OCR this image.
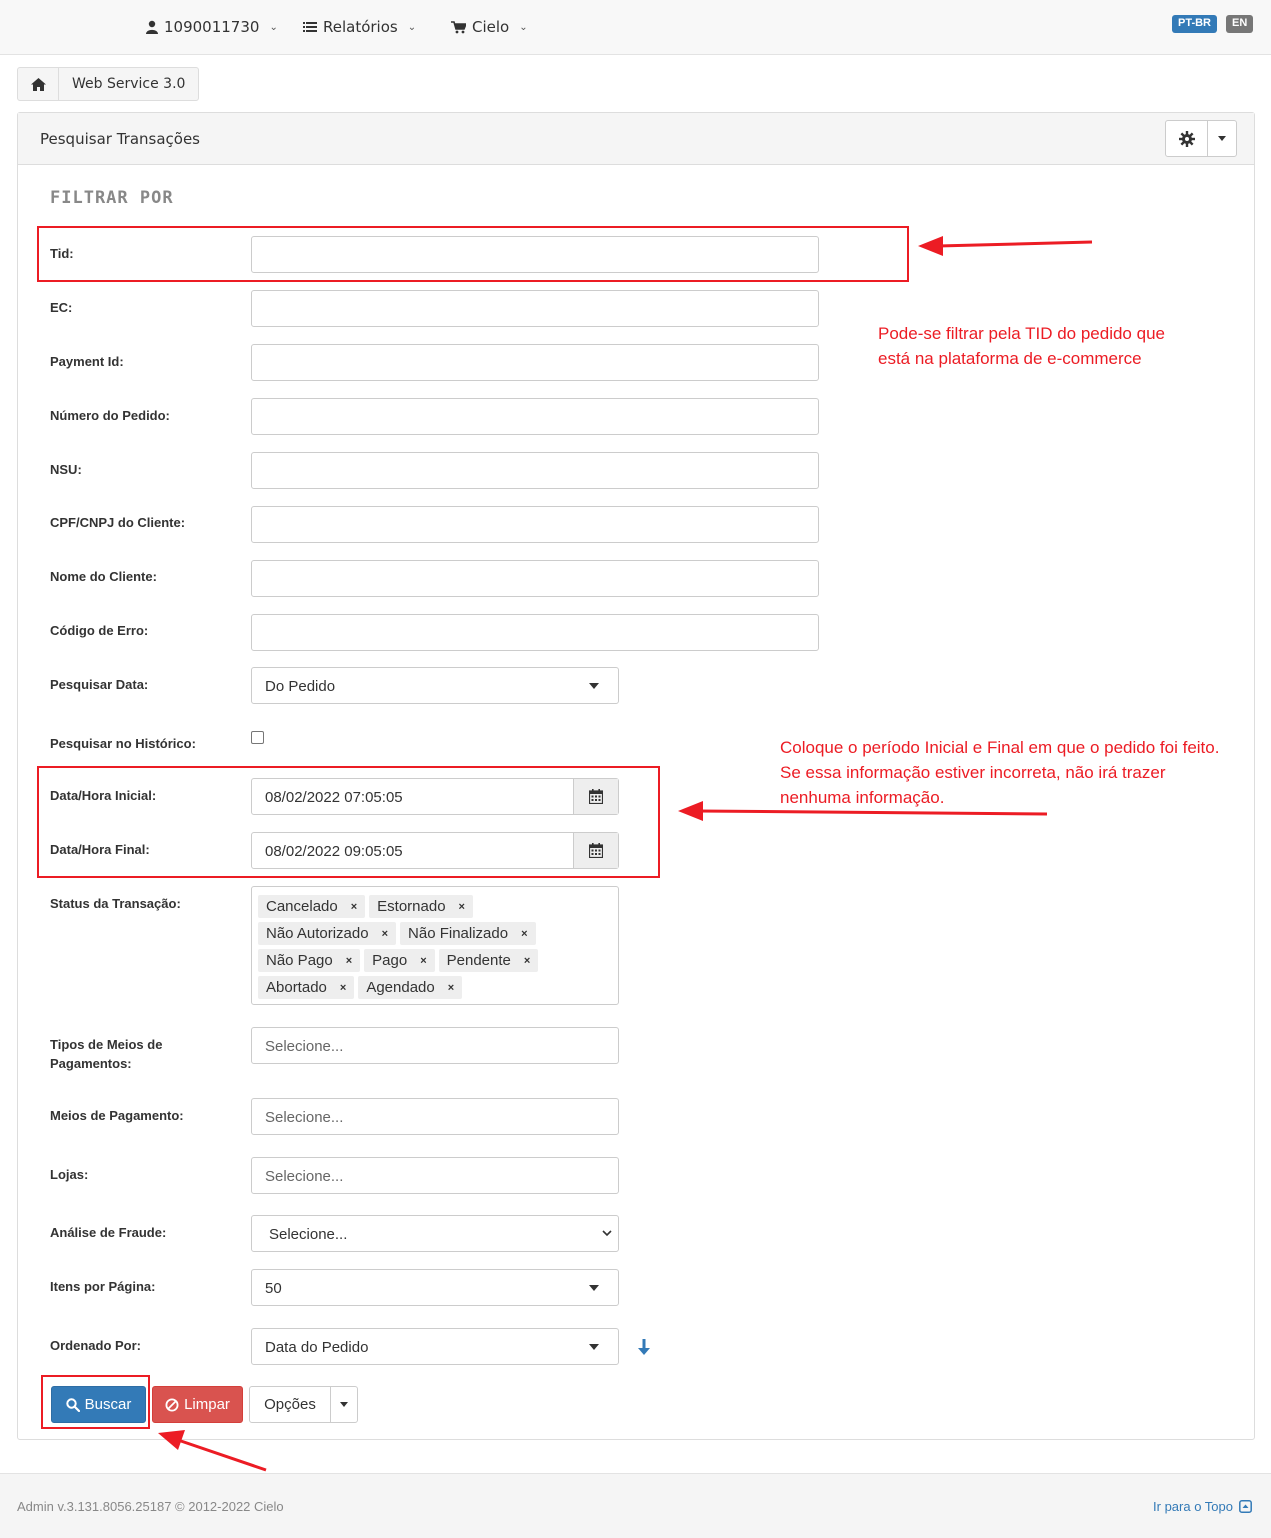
1090011730 ⌄	Relatórios ⌄	Cielo ⌄	PT-BR	EN
Web Service 3.0
Pesquisar Transações
FILTRAR POR
Tid:
EC:
Payment Id:
Número do Pedido:
NSU:
CPF/CNPJ do Cliente:
Nome do Cliente:
Código de Erro:
Pesquisar Data:	Do Pedido
Pesquisar no Histórico:
Data/Hora Inicial:	08/02/2022 07:05:05
Data/Hora Final:	08/02/2022 09:05:05
Status da Transação:	Cancelado × Estornado ×
Não Autorizado × Não Finalizado ×
Não Pago × Pago × Pendente ×
Abortado × Agendado ×
Tipos de Meios de
Pagamentos:
Selecione...
Meios de Pagamento:	Selecione...
Lojas:	Selecione...
Análise de Fraude:	Selecione...
Itens por Página:	50
Ordenado Por:	Data do Pedido
Buscar	Limpar	Opções
Pode-se filtrar pela TID do pedido que
está na plataforma de e-commerce
Coloque o período Inicial e Final em que o pedido foi feito.
Se essa informação estiver incorreta, não irá trazer
nenhuma informação.
Admin v.3.131.8056.25187 © 2012-2022 Cielo	Ir para o Topo
